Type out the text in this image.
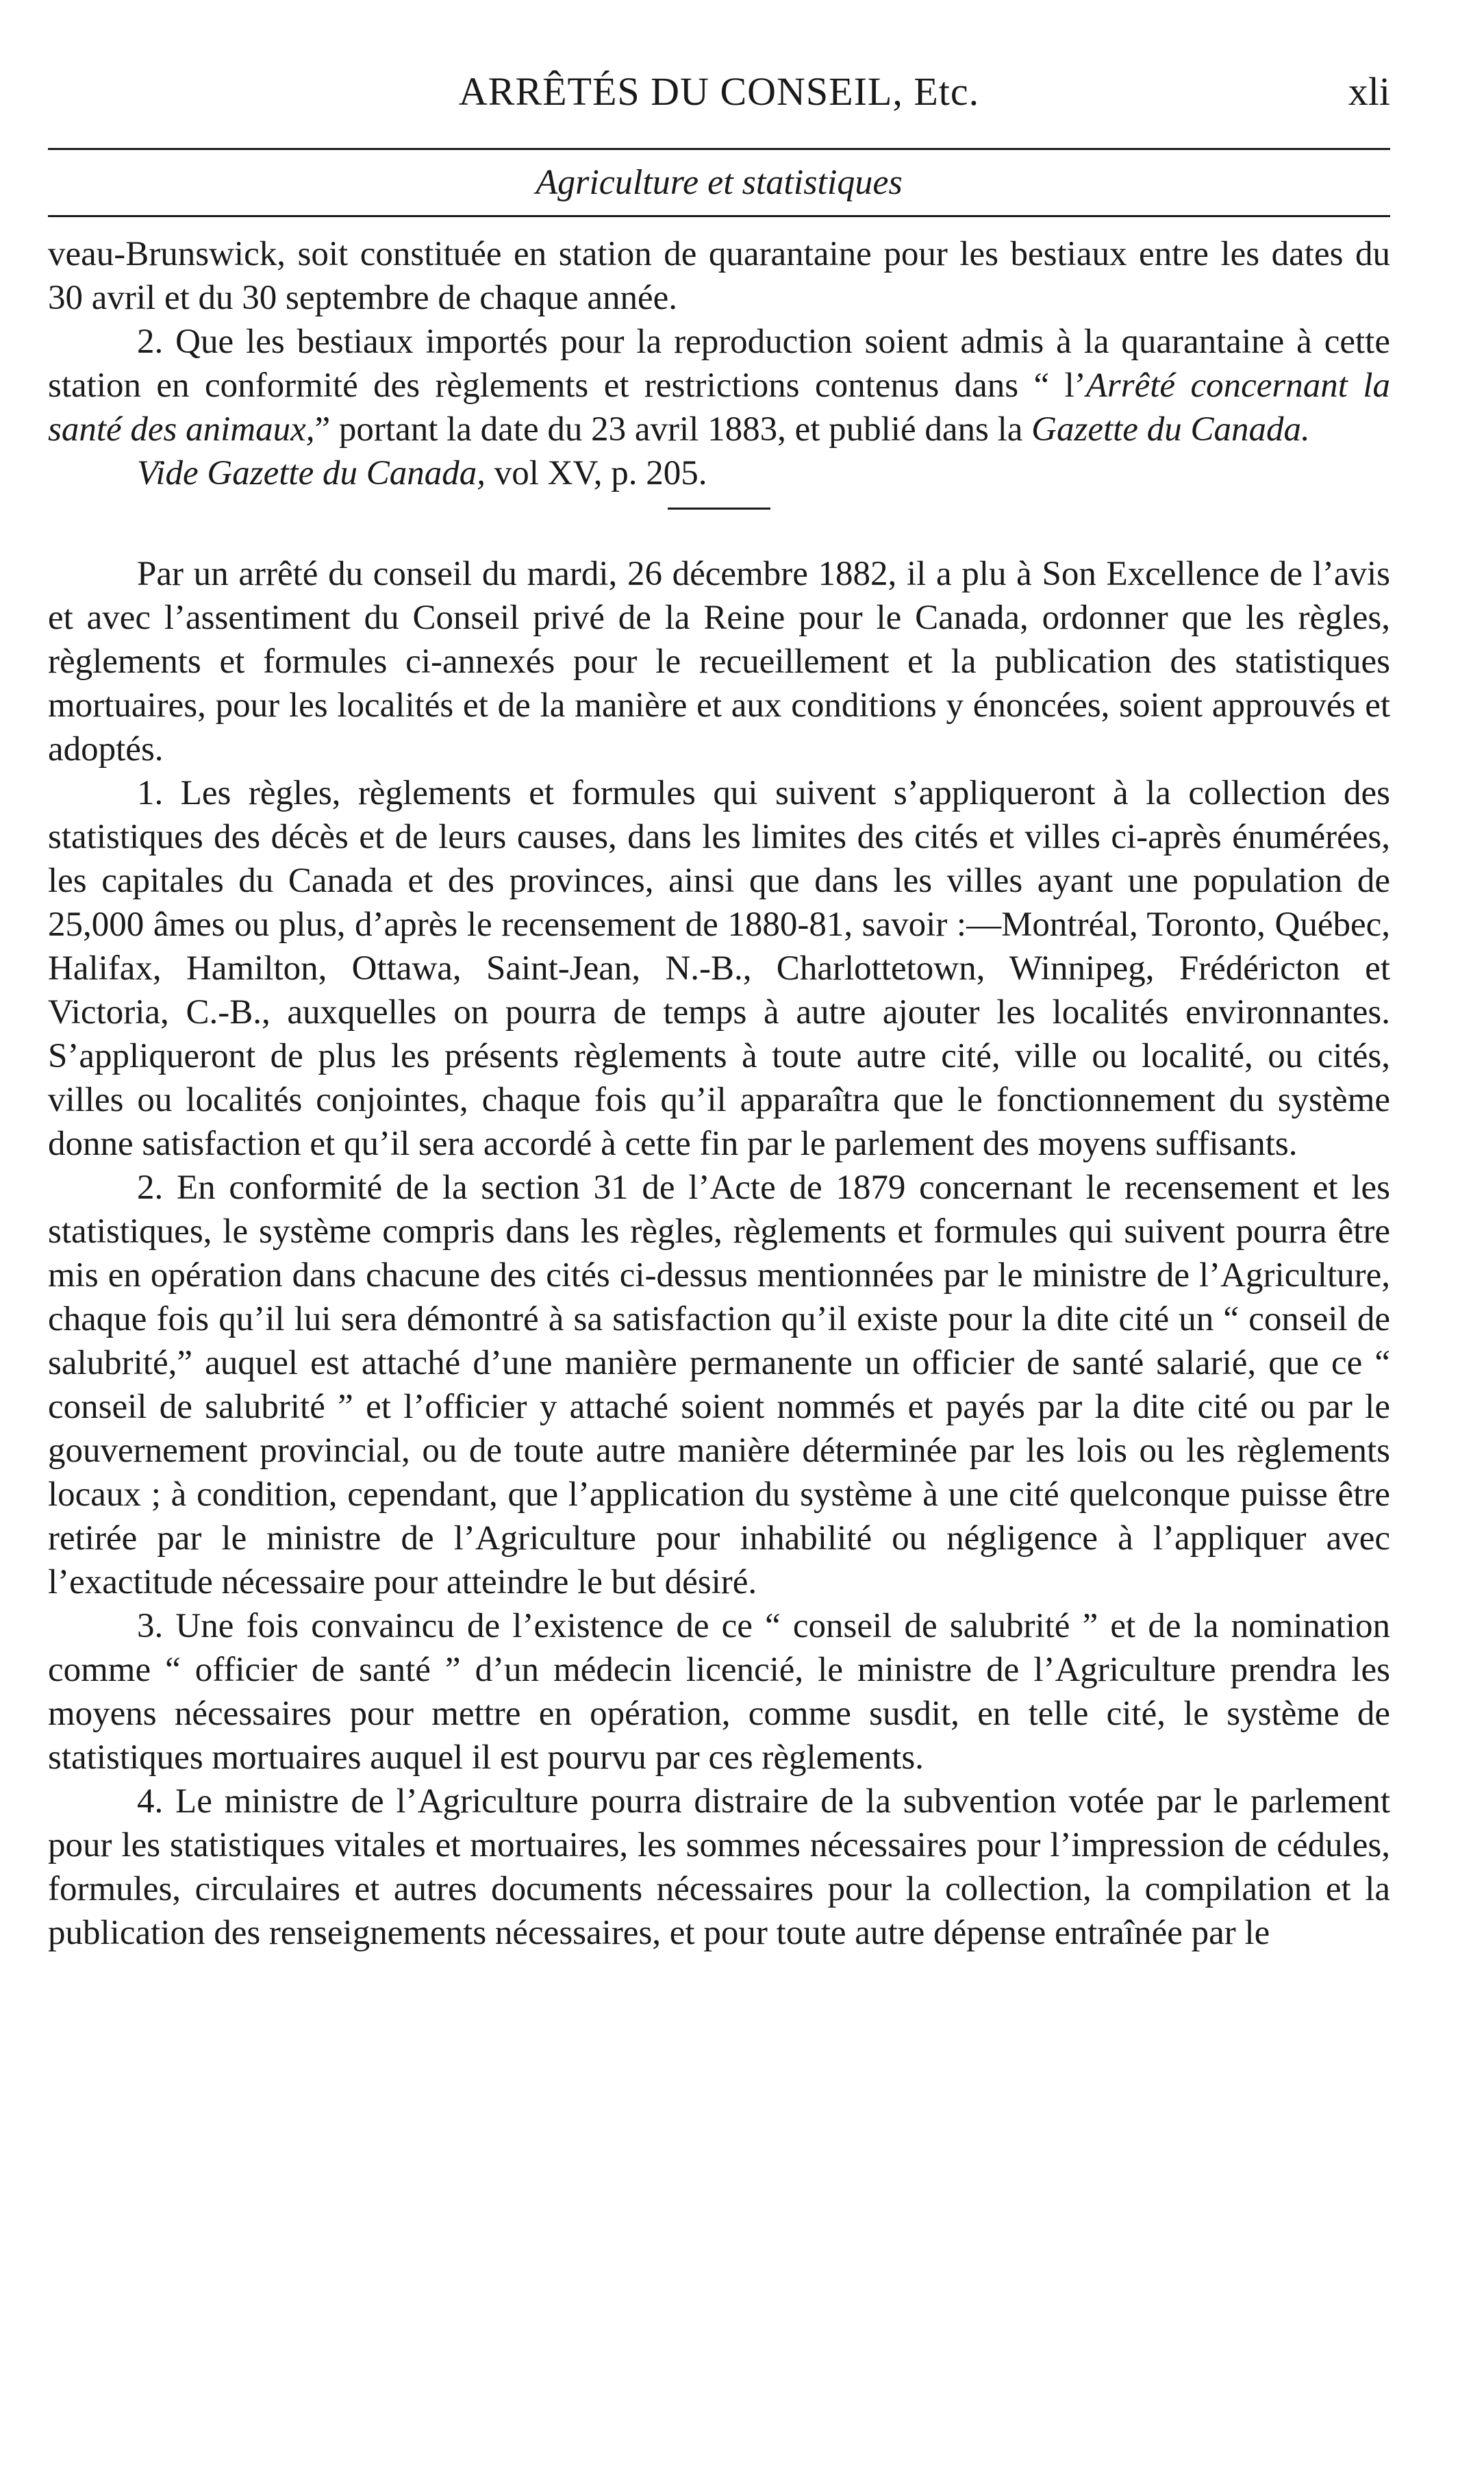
ARRÊTÉS DU CONSEIL, Etc.	xli
Agriculture et statistiques

veau-Brunswick, soit constituée en station de quarantaine pour les bestiaux entre les dates du 30 avril et du 30 septembre de chaque année.

2. Que les bestiaux importés pour la reproduction soient admis à la quarantaine à cette station en conformité des règlements et restrictions contenus dans “ l’Arrêté concernant la santé des animaux,” portant la date du 23 avril 1883, et publié dans la Gazette du Canada.

Vide Gazette du Canada, vol XV, p. 205.

Par un arrêté du conseil du mardi, 26 décembre 1882, il a plu à Son Excellence de l’avis et avec l’assentiment du Conseil privé de la Reine pour le Canada, ordonner que les règles, règlements et formules ci-annexés pour le recueillement et la publication des statistiques mortuaires, pour les localités et de la manière et aux conditions y énoncées, soient approuvés et adoptés.

1. Les règles, règlements et formules qui suivent s’appliqueront à la collection des statistiques des décès et de leurs causes, dans les limites des cités et villes ci-après énumérées, les capitales du Canada et des provinces, ainsi que dans les villes ayant une population de 25,000 âmes ou plus, d’après le recensement de 1880-81, savoir :—Montréal, Toronto, Québec, Halifax, Hamilton, Ottawa, Saint-Jean, N.-B., Charlottetown, Winnipeg, Frédéricton et Victoria, C.-B., auxquelles on pourra de temps à autre ajouter les localités environnantes. S’appliqueront de plus les présents règlements à toute autre cité, ville ou localité, ou cités, villes ou localités conjointes, chaque fois qu’il apparaîtra que le fonctionnement du système donne satisfaction et qu’il sera accordé à cette fin par le parlement des moyens suffisants.

2. En conformité de la section 31 de l’Acte de 1879 concernant le recensement et les statistiques, le système compris dans les règles, règlements et formules qui suivent pourra être mis en opération dans chacune des cités ci-dessus mentionnées par le ministre de l’Agriculture, chaque fois qu’il lui sera démontré à sa satisfaction qu’il existe pour la dite cité un “ conseil de salubrité,” auquel est attaché d’une manière permanente un officier de santé salarié, que ce “ conseil de salubrité ” et l’officier y attaché soient nommés et payés par la dite cité ou par le gouvernement provincial, ou de toute autre manière déterminée par les lois ou les règlements locaux ; à condition, cependant, que l’application du système à une cité quelconque puisse être retirée par le ministre de l’Agriculture pour inhabilité ou négligence à l’appliquer avec l’exactitude nécessaire pour atteindre le but désiré.

3. Une fois convaincu de l’existence de ce “ conseil de salubrité ” et de la nomination comme “ officier de santé ” d’un médecin licencié, le ministre de l’Agriculture prendra les moyens nécessaires pour mettre en opération, comme susdit, en telle cité, le système de statistiques mortuaires auquel il est pourvu par ces règlements.

4. Le ministre de l’Agriculture pourra distraire de la subvention votée par le parlement pour les statistiques vitales et mortuaires, les sommes nécessaires pour l’impression de cédules, formules, circulaires et autres documents nécessaires pour la collection, la compilation et la publication des renseignements nécessaires, et pour toute autre dépense entraînée par le
